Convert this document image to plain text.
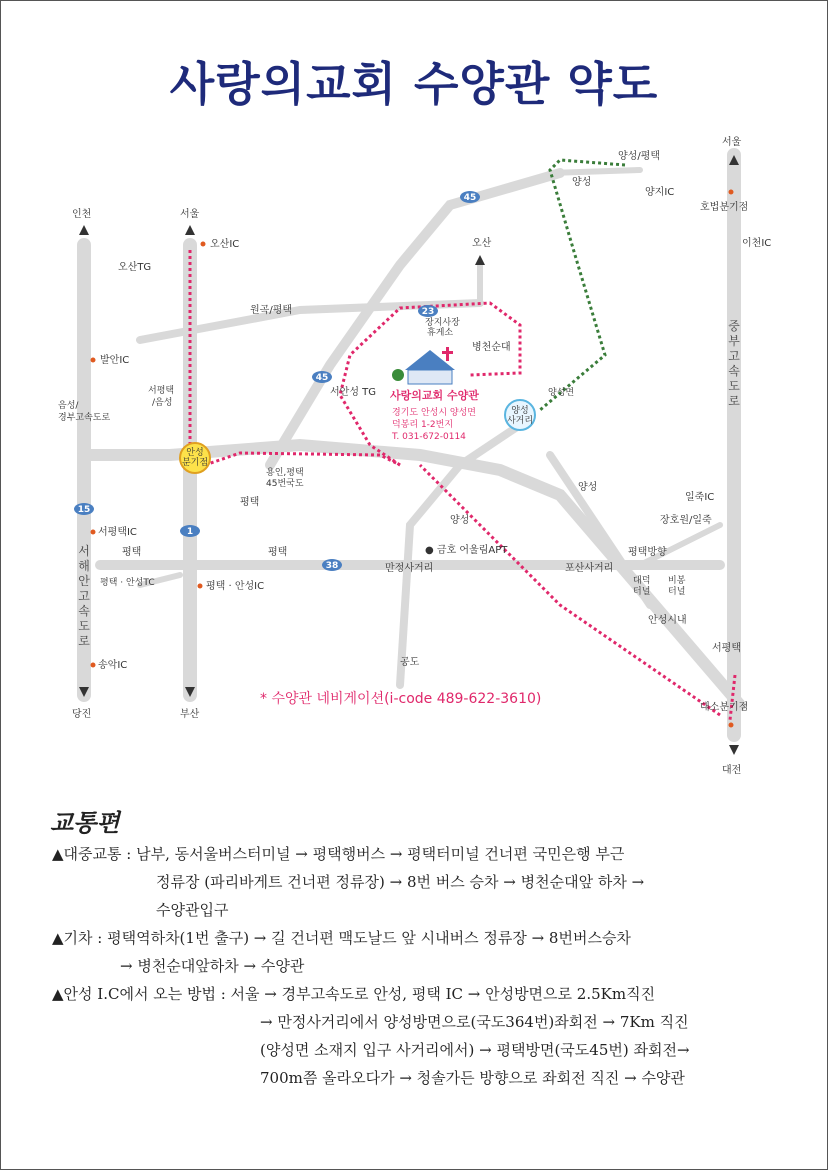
사랑의교회 수양관 약도
45
23
45
15
1
38
안성 분기점
양성 사거리
사랑의교회 수양관
경기도 안성시 양성면
덕봉리 1-2번지
T. 031-672-0114
인천	서울
오산IC
오산TG
원곡/평택
발안IC
서평택 /음성
음성/ 경부고속도로
용인,평택 45번국도
평택
서평택IC
평택	평택
평택 · 안성TC	평택 · 안성IC
송악IC
당진	부산
서 해 안 고 속 도 로
중 부 고 속 도 로
서울
양성/평택
양성
양지IC
호법분기점
이천IC
오산
장지사장 휴게소
병천순대
양성면
서안성 TG
양성
양성
일죽IC
장호원/일죽
● 금호 어울림APT
만정사거리	포산사거리
평택방향
대덕 터널
비봉 터널
안성시내
공도
서평택
대소분기점
대전
* 수양관 네비게이션(i-code 489-622-3610)
교통편
▲대중교통 : 남부, 동서울버스터미널 → 평택행버스 → 평택터미널 건너편 국민은행 부근
정류장 (파리바게트 건너편 정류장) → 8번 버스 승차 → 병천순대앞 하차 →
수양관입구
▲기차 : 평택역하차(1번 출구) → 길 건너편 맥도날드 앞 시내버스 정류장 → 8번버스승차
→ 병천순대앞하차 → 수양관
▲안성 I.C에서 오는 방법 : 서울 → 경부고속도로 안성, 평택 IC → 안성방면으로 2.5Km직진
→ 만정사거리에서 양성방면으로(국도364번)좌회전 → 7Km 직진
(양성면 소재지 입구 사거리에서) → 평택방면(국도45번) 좌회전→
700m쯤 올라오다가 → 청솔가든 방향으로 좌회전 직진 → 수양관
